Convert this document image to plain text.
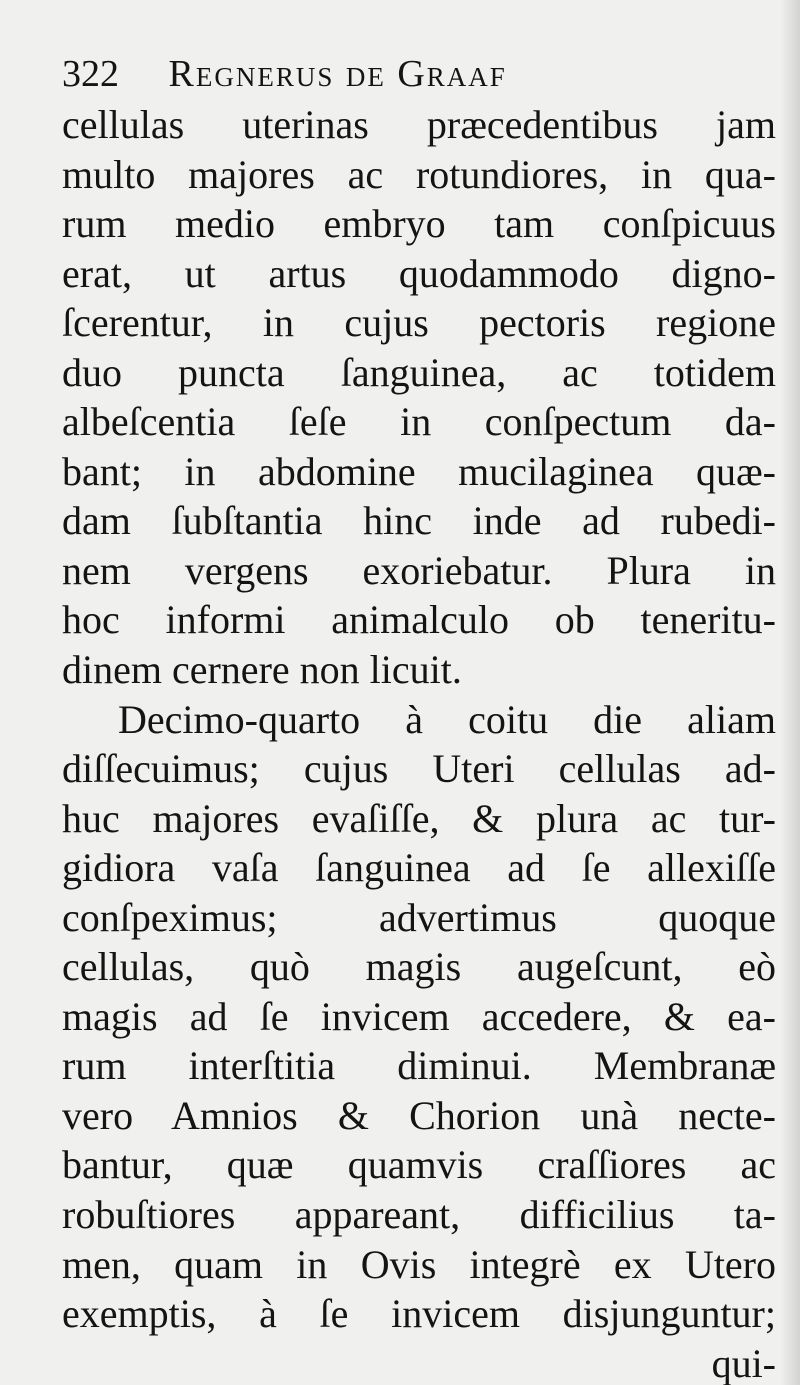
322 Regnerus de Graaf
cellulas uterinas præcedentibus jam
multo majores ac rotundiores, in qua-
rum medio embryo tam conſpicuus
erat, ut artus quodammodo digno-
ſcerentur, in cujus pectoris regione
duo puncta ſanguinea, ac totidem
albeſcentia ſeſe in conſpectum da-
bant; in abdomine mucilaginea quæ-
dam ſubſtantia hinc inde ad rubedi-
nem vergens exoriebatur. Plura in
hoc informi animalculo ob teneritu-
dinem cernere non licuit.
Decimo-quarto à coitu die aliam
diſſecuimus; cujus Uteri cellulas ad-
huc majores evaſiſſe, & plura ac tur-
gidiora vaſa ſanguinea ad ſe allexiſſe
conſpeximus; advertimus quoque
cellulas, quò magis augeſcunt, eò
magis ad ſe invicem accedere, & ea-
rum interſtitia diminui. Membranæ
vero Amnios & Chorion unà necte-
bantur, quæ quamvis craſſiores ac
robuſtiores appareant, difficilius ta-
men, quam in Ovis integrè ex Utero
exemptis, à ſe invicem disjunguntur;
qui-
